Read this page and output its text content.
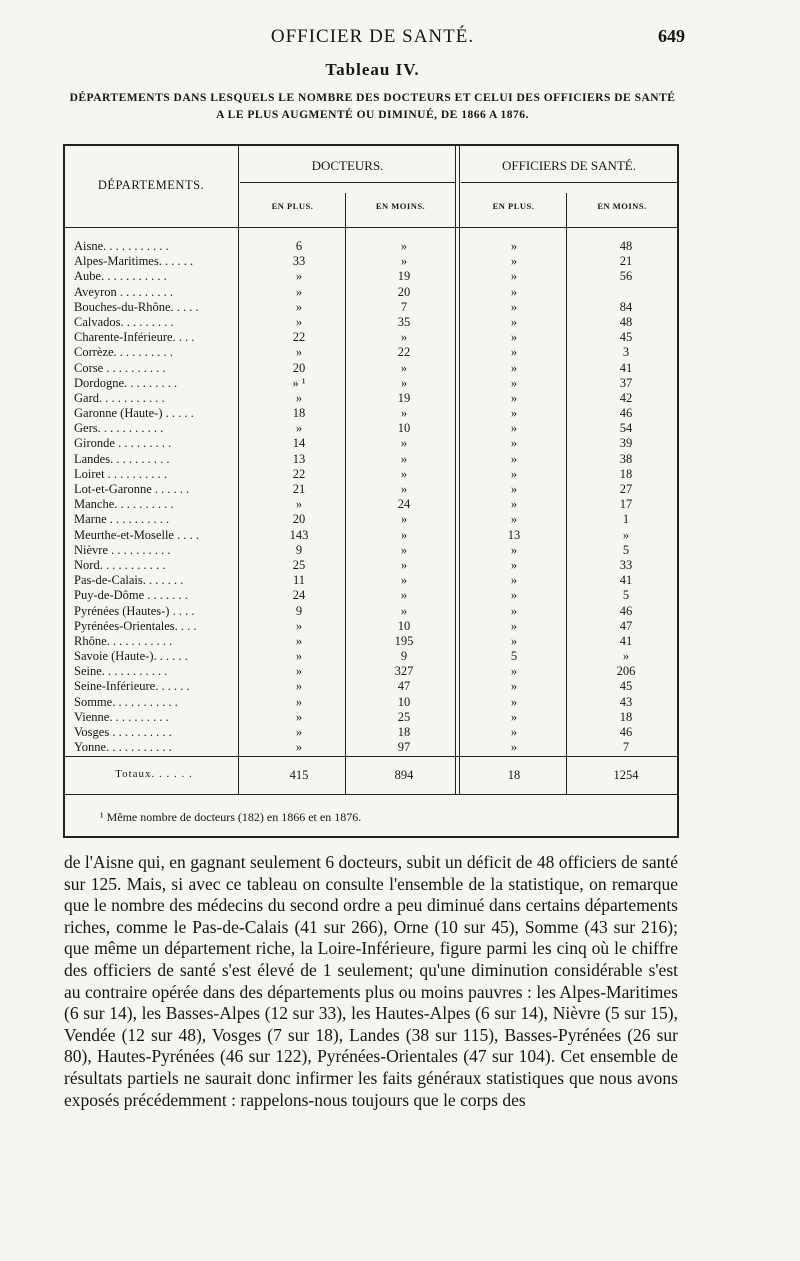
OFFICIER DE SANTÉ.	649
Tableau IV.
DÉPARTEMENTS DANS LESQUELS LE NOMBRE DES DOCTEURS ET CELUI DES OFFICIERS DE SANTÉ
A LE PLUS AUGMENTÉ OU DIMINUÉ, DE 1866 A 1876.
DÉPARTEMENTS.
DOCTEURS.	OFFICIERS DE SANTÉ.
EN PLUS.	EN MOINS.	EN PLUS.	EN MOINS.
Aisne. . . . . . . . . . .	6	»	»	48
Alpes-Maritimes. . . . . .	33	»	»	21
Aube. . . . . . . . . . .	»	19	»	56
Aveyron . . . . . . . . .	»	20	»
Bouches-du-Rhône. . . . .	»	7	»	84
Calvados. . . . . . . . .	»	35	»	48
Charente-Inférieure. . . .	22	»	»	45
Corrèze. . . . . . . . . .	»	22	»	3
Corse . . . . . . . . . .	20	»	»	41
Dordogne. . . . . . . . .	» ¹	»	»	37
Gard. . . . . . . . . . .	»	19	»	42
Garonne (Haute-) . . . . .	18	»	»	46
Gers. . . . . . . . . . .	»	10	»	54
Gironde . . . . . . . . .	14	»	»	39
Landes. . . . . . . . . .	13	»	»	38
Loiret . . . . . . . . . .	22	»	»	18
Lot-et-Garonne . . . . . .	21	»	»	27
Manche. . . . . . . . . .	»	24	»	17
Marne . . . . . . . . . .	20	»	»	1
Meurthe-et-Moselle . . . .	143	»	13	»
Nièvre . . . . . . . . . .	9	»	»	5
Nord. . . . . . . . . . .	25	»	»	33
Pas-de-Calais. . . . . . .	11	»	»	41
Puy-de-Dôme . . . . . . .	24	»	»	5
Pyrénées (Hautes-) . . . .	9	»	»	46
Pyrénées-Orientales. . . .	»	10	»	47
Rhône. . . . . . . . . . .	»	195	»	41
Savoie (Haute-). . . . . .	»	9	5	»
Seine. . . . . . . . . . .	»	327	»	206
Seine-Inférieure. . . . . .	»	47	»	45
Somme. . . . . . . . . . .	»	10	»	43
Vienne. . . . . . . . . .	»	25	»	18
Vosges . . . . . . . . . .	»	18	»	46
Yonne. . . . . . . . . . .	»	97	»	7
Totaux. . . . . .	415	894	18	1254
¹ Même nombre de docteurs (182) en 1866 et en 1876.

de l'Aisne qui, en gagnant seulement 6 docteurs, subit un déficit de 48 officiers de santé sur 125. Mais, si avec ce tableau on consulte l'ensemble de la statistique, on remarque que le nombre des médecins du second ordre a peu diminué dans certains départements riches, comme le Pas-de-Calais (41 sur 266), Orne (10 sur 45), Somme (43 sur 216); que même un département riche, la Loire-Inférieure, figure parmi les cinq où le chiffre des officiers de santé s'est élevé de 1 seulement; qu'une diminution considérable s'est au contraire opérée dans des départements plus ou moins pauvres : les Alpes-Maritimes (6 sur 14), les Basses-Alpes (12 sur 33), les Hautes-Alpes (6 sur 14), Nièvre (5 sur 15), Vendée (12 sur 48), Vosges (7 sur 18), Landes (38 sur 115), Basses-Pyrénées (26 sur 80), Hautes-Pyrénées (46 sur 122), Pyrénées-Orientales (47 sur 104). Cet ensemble de résultats partiels ne saurait donc infirmer les faits généraux statistiques que nous avons exposés précédemment : rappelons-nous toujours que le corps des
